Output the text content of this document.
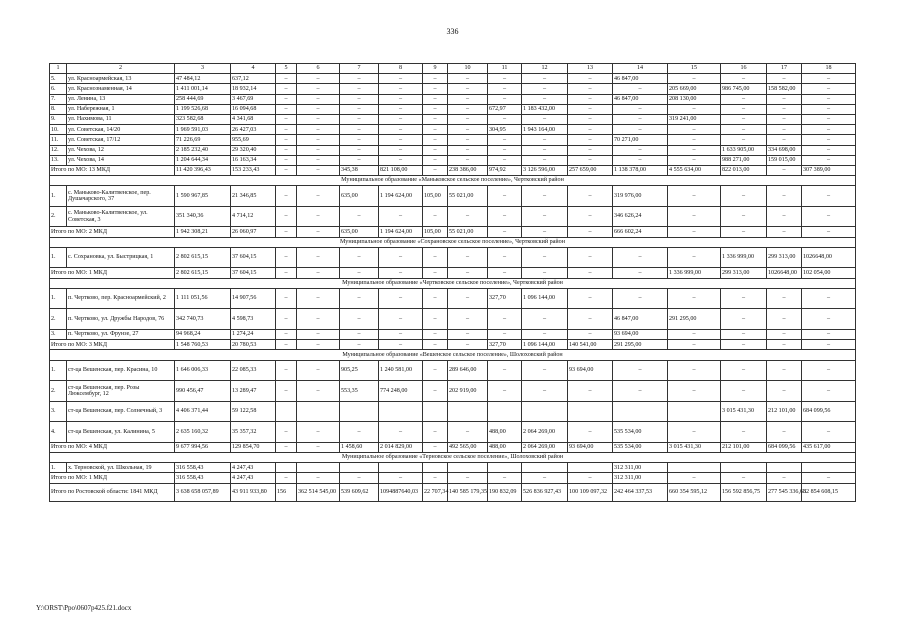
336
1	2	3	4	5	6	7	8	9	10	11	12	13	14	15	16	17	18	
5.	ул. Красноармейская, 13	47 484,12	637,12	–	–	–	–	–	–	–	–	–	46 847,00	–	–	–	–	
6.	ул. Краснознаменная, 14	1 411 001,14	18 932,14	–	–	–	–	–	–	–	–	–	–	205 669,00	986 745,00	158 582,00	–	
7.	ул. Ленина, 13	258 444,69	3 467,69	–	–	–	–	–	–	–	–	–	46 847,00	208 130,00	–	–	–	
8.	ул. Набережная, 1	1 199 526,68	16 094,68	–	–	–	–	–	–	672,97	1 183 432,00	–	–	–	–	–	–	
9.	ул. Нахимова, 11	323 582,68	4 341,68	–	–	–	–	–	–	–	–	–	–	319 241,00	–	–	–	
10.	ул. Советская, 14/20	1 969 591,03	26 427,03	–	–	–	–	–	–	304,95	1 943 164,00	–	–	–	–	–	–	
11.	ул. Советская, 17/12	71 226,69	955,69	–	–	–	–	–	–	–	–	–	70 271,00	–	–	–	–	
12.	ул. Чехова, 12	2 185 232,40	29 320,40	–	–	–	–	–	–	–	–	–	–	–	1 633 905,00	334 698,00	–	
13.	ул. Чехова, 14	1 204 644,34	16 163,34	–	–	–	–	–	–	–	–	–	–	–	988 271,00	159 015,00	–	
Итого по МО: 13 МКД		11 420 396,43	153 233,43	–	–	345,38	821 108,00	–	238 386,00	974,92	3 126 596,00	257 659,00	1 138 378,00	4 555 634,00	822 013,00	–	307 389,00	
Муниципальное образование «Маньковское сельское поселение», Чертковский район																		
1.	с. Маньково-Калитвенское, пер. Душачарского, 37	1 590 967,85	21 346,85	–	–	635,00	1 194 624,00	105,00	55 021,00	–	–	–	319 976,00	–	–	–	–	
2.	с. Маньково-Калитвенское, ул. Советская, 3	351 340,36	4 714,12	–	–	–	–	–	–	–	–	–	346 626,24	–	–	–	–	
Итого по МО: 2 МКД		1 942 308,21	26 060,97	–	–	635,00	1 194 624,00	105,00	55 021,00	–	–	–	666 602,24	–	–	–	–	
Муниципальное образование «Сохрановское сельское поселение», Чертковский район																		
1.	с. Сохрановка, ул. Быстрицкая, 1	2 802 615,15	37 604,15	–	–	–	–	–	–	–	–	–	–	–	1 336 999,00	299 313,00	1026648,00	
Итого по МО: 1 МКД		2 802 615,15	37 604,15	–	–	–	–	–	–	–	–	–	–	1 336 999,00	299 313,00	1026648,00	102 054,00	
Муниципальное образование «Чертковское сельское поселение», Чертковский район																		
1.	п. Чертково, пер. Красноармейский, 2	1 111 051,56	14 907,56	–	–	–	–	–	–	327,70	1 096 144,00	–	–	–	–	–	–	
2.	п. Чертково, ул. Дружбы Народов, 76	342 740,73	4 598,73	–	–	–	–	–	–	–	–	–	46 847,00	291 295,00	–	–	–	
3.	п. Чертково, ул. Фрунзе, 27	94 968,24	1 274,24	–	–	–	–	–	–	–	–	–	93 694,00	–	–	–	–	
Итого по МО: 3 МКД		1 548 760,53	20 780,53	–	–	–	–	–	–	327,70	1 096 144,00	140 541,00	291 295,00	–	–	–	–	
Муниципальное образование «Вешенское сельское поселение», Шолоховский район																		
1.	ст-ца Вешенская, пер. Красина, 10	1 646 006,33	22 085,33	–	–	905,25	1 240 581,00	–	289 646,00	–	–	93 694,00	–	–	–	–	–	
2.	ст-ца Вешенская, пер. Розы Люксембург, 12	990 456,47	13 289,47	–	–	553,35	774 248,00	–	202 919,00	–	–	–	–	–	–	–	–	
3.	ст-ца Вешенская, пер. Солнечный, 3	4 406 371,44	59 122,58												3 015 431,30	212 101,00	684 099,56	
4.	ст-ца Вешенская, ул. Калинина, 5	2 635 160,32	35 357,32	–	–	–	–	–	–	488,00	2 064 269,00	–	535 534,00	–	–	–	–	
Итого по МО: 4 МКД		9 677 994,56	129 854,70	–	–	1 458,60	2 014 829,00	–	492 565,00	488,00	2 064 269,00	93 694,00	535 534,00	3 015 431,30	212 101,00	684 099,56	435 617,00	
Муниципальное образование «Терновское сельское поселение», Шолоховский район																		
1.	х. Терновской, ул. Школьная, 19	316 558,43	4 247,43										312 311,00					
Итого по МО: 1 МКД		316 558,43	4 247,43	–	–	–	–	–	–	–	–	–	312 311,00	–	–	–	–	
Итого по Ростовской области: 1841 МКД		3 638 658 057,89	43 911 933,80	156	362 514 545,00	539 609,62	1094887640,03	22 707,34	140 585 179,35	190 832,09	526 836 927,43	100 109 097,32	242 464 337,53	660 354 595,12	156 592 856,75	277 545 336,63	82 854 608,15	
Y:\ORST\Ppo\0607p425.f21.docx
